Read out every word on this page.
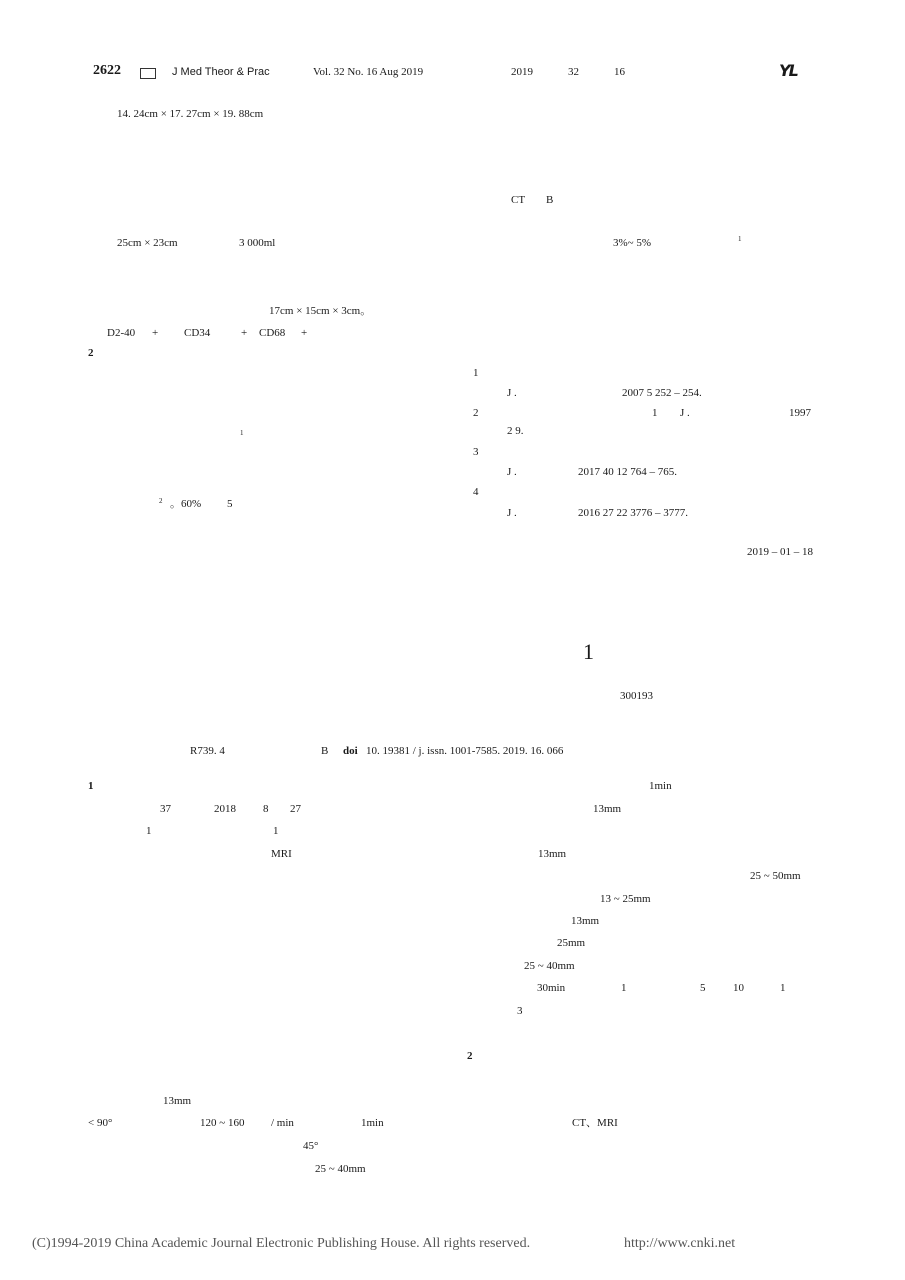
2622	J Med Theor & Prac	Vol. 32 No. 16 Aug 2019	2019	32	16	YL
14. 24cm × 17. 27cm × 19. 88cm
25cm × 23cm	3 000ml
17cm × 15cm × 3cm。
D2-40 + CD34	+ CD68 +
2
1
2 。60% 5
CT B
3%~ 5%	1
1
J .	2007 5 252 – 254.
2	1 J .	1997
2 9.
3
J .	2017 40 12 764 – 765.
4
J .	2016 27 22 3776 – 3777.
2019 – 01 – 18
1
300193
R739. 4	B doi 10. 19381 / j. issn. 1001-7585. 2019. 16. 066
1
37	2018 8 27
1	1
MRI
2
13mm
< 90°	120 ~ 160 / min	1min
45°
25 ~ 40mm
1min
13mm
13mm
25 ~ 50mm
13 ~ 25mm
13mm
25mm
25 ~ 40mm
30min	1	5	10	1
3
CT、MRI
(C)1994-2019 China Academic Journal Electronic Publishing House. All rights reserved.	http://www.cnki.net
